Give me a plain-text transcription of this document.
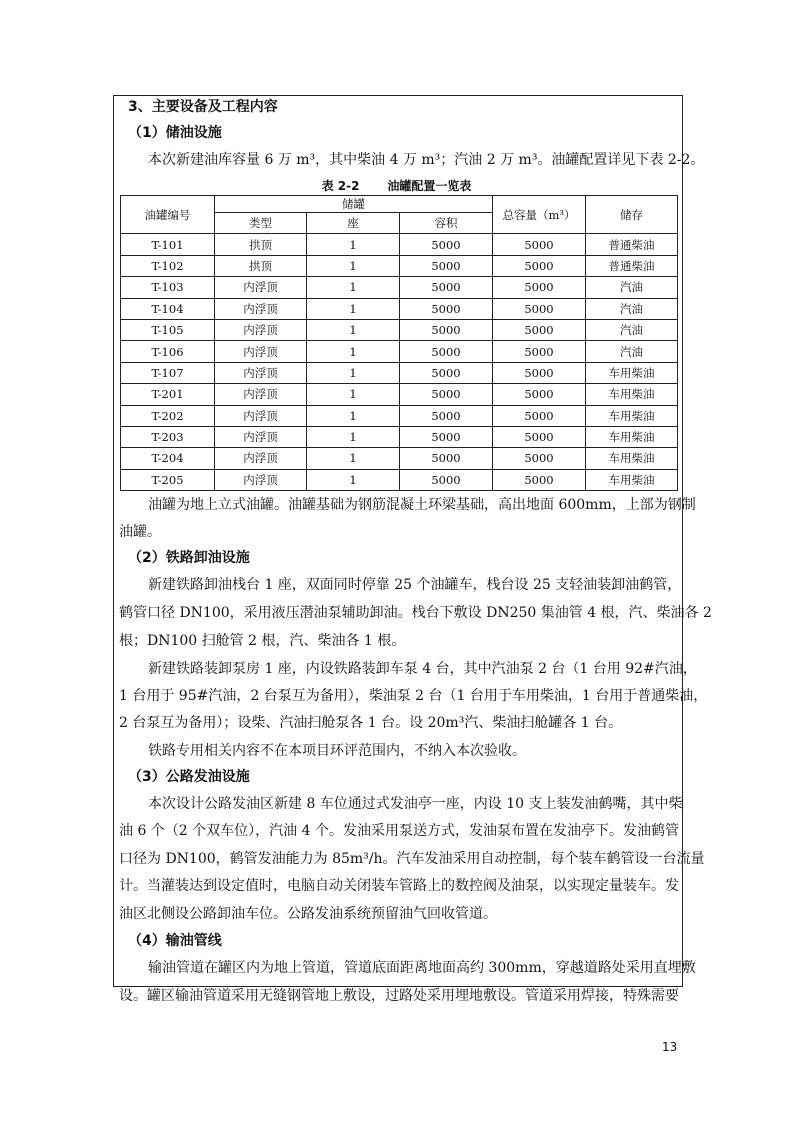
3、主要设备及工程内容
（1）储油设施
本次新建油库容量 6 万 m³，其中柴油 4 万 m³；汽油 2 万 m³。油罐配置详见下表 2-2。
表 2-2 油罐配置一览表
油罐编号	储罐			总容量（m³）	储存
	类型	座	容积		
T-101	拱顶	1	5000	5000	普通柴油
T-102	拱顶	1	5000	5000	普通柴油
T-103	内浮顶	1	5000	5000	汽油
T-104	内浮顶	1	5000	5000	汽油
T-105	内浮顶	1	5000	5000	汽油
T-106	内浮顶	1	5000	5000	汽油
T-107	内浮顶	1	5000	5000	车用柴油
T-201	内浮顶	1	5000	5000	车用柴油
T-202	内浮顶	1	5000	5000	车用柴油
T-203	内浮顶	1	5000	5000	车用柴油
T-204	内浮顶	1	5000	5000	车用柴油
T-205	内浮顶	1	5000	5000	车用柴油
油罐为地上立式油罐。油罐基础为钢筋混凝土环梁基础，高出地面 600mm，上部为钢制
油罐。
（2）铁路卸油设施
新建铁路卸油栈台 1 座，双面同时停靠 25 个油罐车，栈台设 25 支轻油装卸油鹤管，
鹤管口径 DN100，采用液压潜油泵辅助卸油。栈台下敷设 DN250 集油管 4 根，汽、柴油各 2
根；DN100 扫舱管 2 根，汽、柴油各 1 根。
新建铁路装卸泵房 1 座，内设铁路装卸车泵 4 台，其中汽油泵 2 台（1 台用 92#汽油，
1 台用于 95#汽油，2 台泵互为备用），柴油泵 2 台（1 台用于车用柴油，1 台用于普通柴油，
2 台泵互为备用）；设柴、汽油扫舱泵各 1 台。设 20m³汽、柴油扫舱罐各 1 台。
铁路专用相关内容不在本项目环评范围内，不纳入本次验收。
（3）公路发油设施
本次设计公路发油区新建 8 车位通过式发油亭一座，内设 10 支上装发油鹤嘴，其中柴
油 6 个（2 个双车位），汽油 4 个。发油采用泵送方式，发油泵布置在发油亭下。发油鹤管
口径为 DN100，鹤管发油能力为 85m³/h。汽车发油采用自动控制，每个装车鹤管设一台流量
计。当灌装达到设定值时，电脑自动关闭装车管路上的数控阀及油泵，以实现定量装车。发
油区北侧设公路卸油车位。公路发油系统预留油气回收管道。
（4）输油管线
输油管道在罐区内为地上管道，管道底面距离地面高约 300mm，穿越道路处采用直埋敷
设。罐区输油管道采用无缝钢管地上敷设，过路处采用埋地敷设。管道采用焊接，特殊需要
13
